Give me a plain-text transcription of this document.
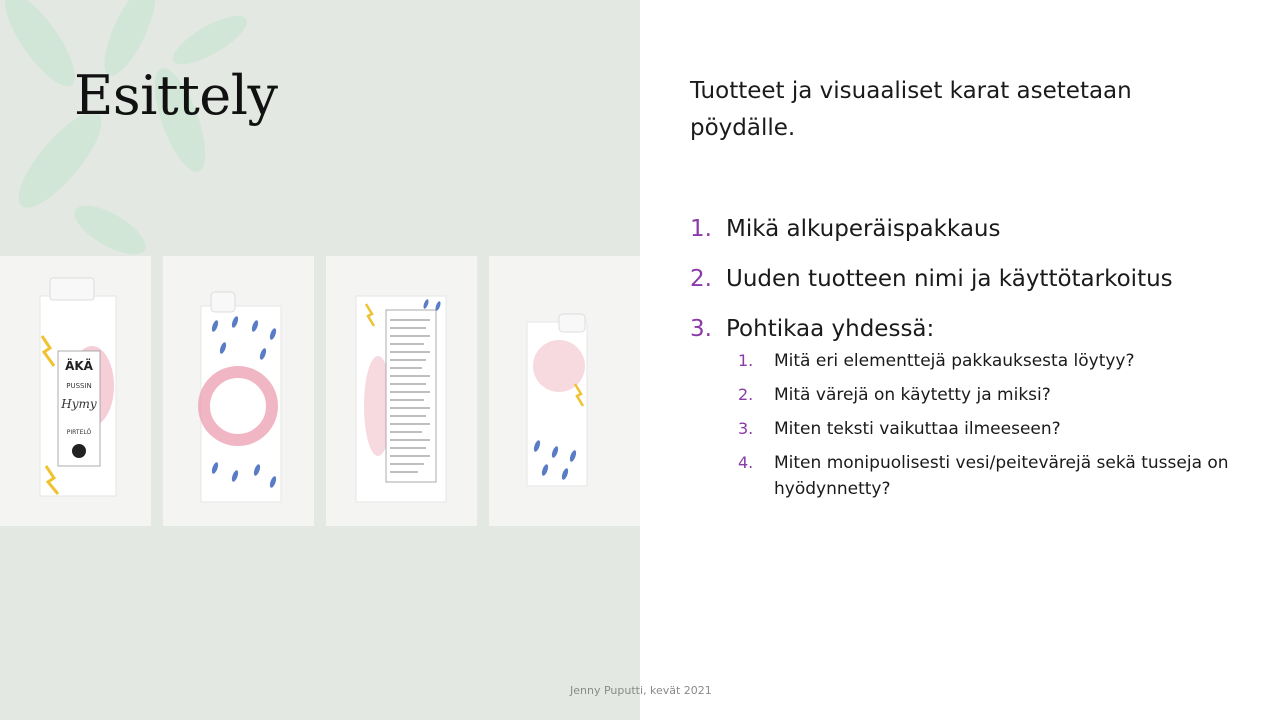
Esittely
ÄKÄ
PUSSIN
Hymy
PIRTELÖ
Tuotteet ja visuaaliset karat asetetaan pöydälle.
1. Mikä alkuperäispakkaus
2. Uuden tuotteen nimi ja käyttötarkoitus
3. Pohtikaa yhdessä:
1. Mitä eri elementtejä pakkauksesta löytyy?
2. Mitä värejä on käytetty ja miksi?
3. Miten teksti vaikuttaa ilmeeseen?
4. Miten monipuolisesti vesi/peitevärejä sekä tusseja on hyödynnetty?
Jenny Puputti, kevät 2021
